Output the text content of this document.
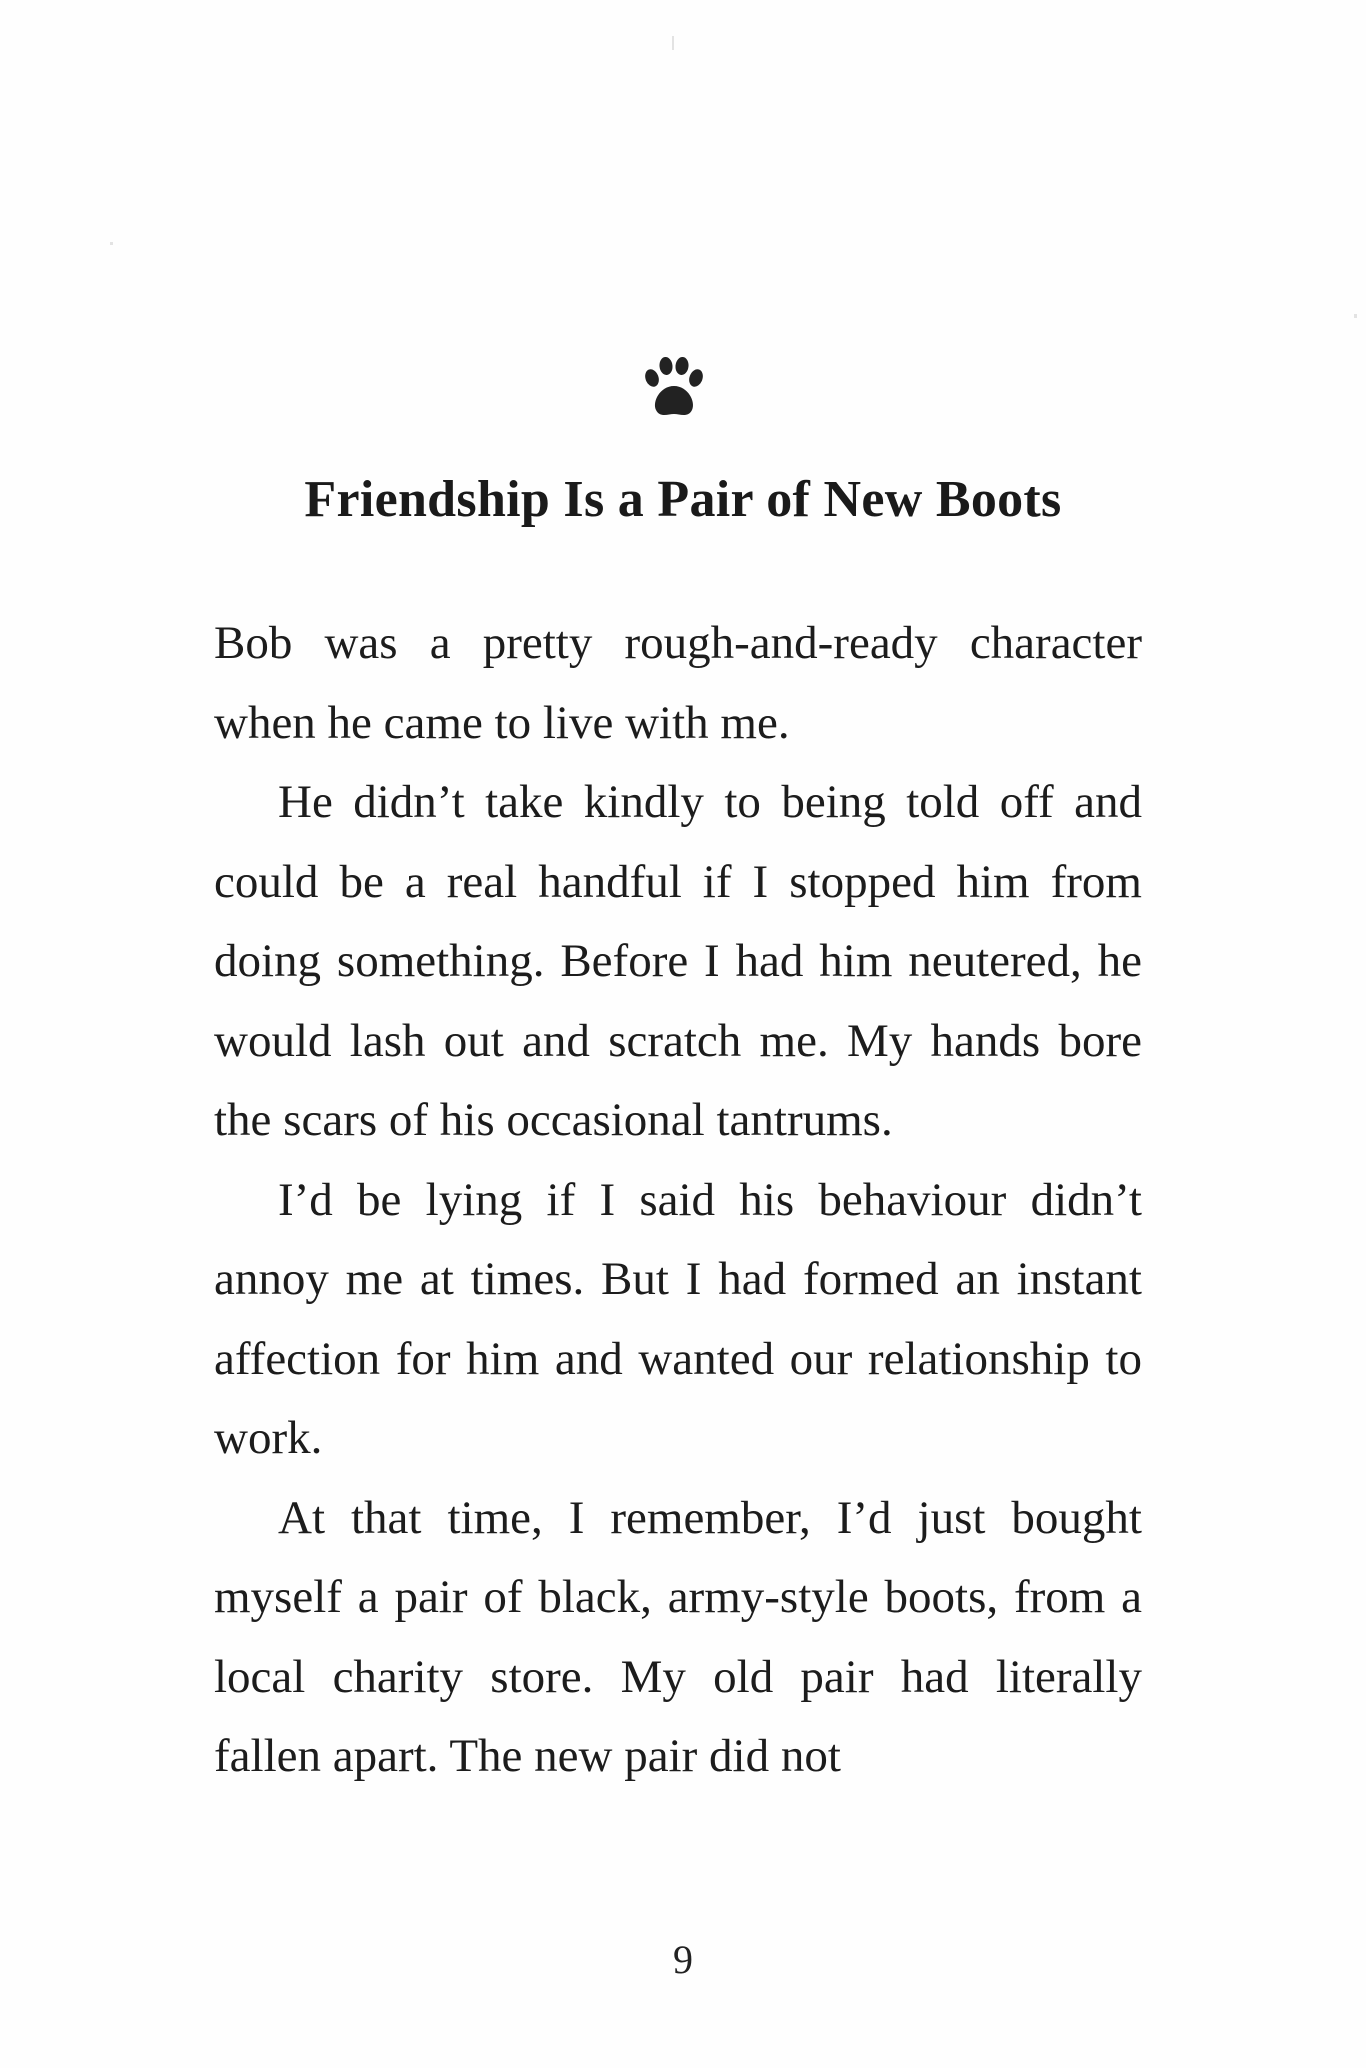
Friendship Is a Pair of New Boots

Bob was a pretty rough-and-ready character when he came to live with me.

He didn’t take kindly to being told off and could be a real handful if I stopped him from doing something. Before I had him neutered, he would lash out and scratch me. My hands bore the scars of his occasional tantrums.

I’d be lying if I said his behaviour didn’t annoy me at times. But I had formed an instant affection for him and wanted our relationship to work.

At that time, I remember, I’d just bought myself a pair of black, army-style boots, from a local charity store. My old pair had literally fallen apart. The new pair did not

9
